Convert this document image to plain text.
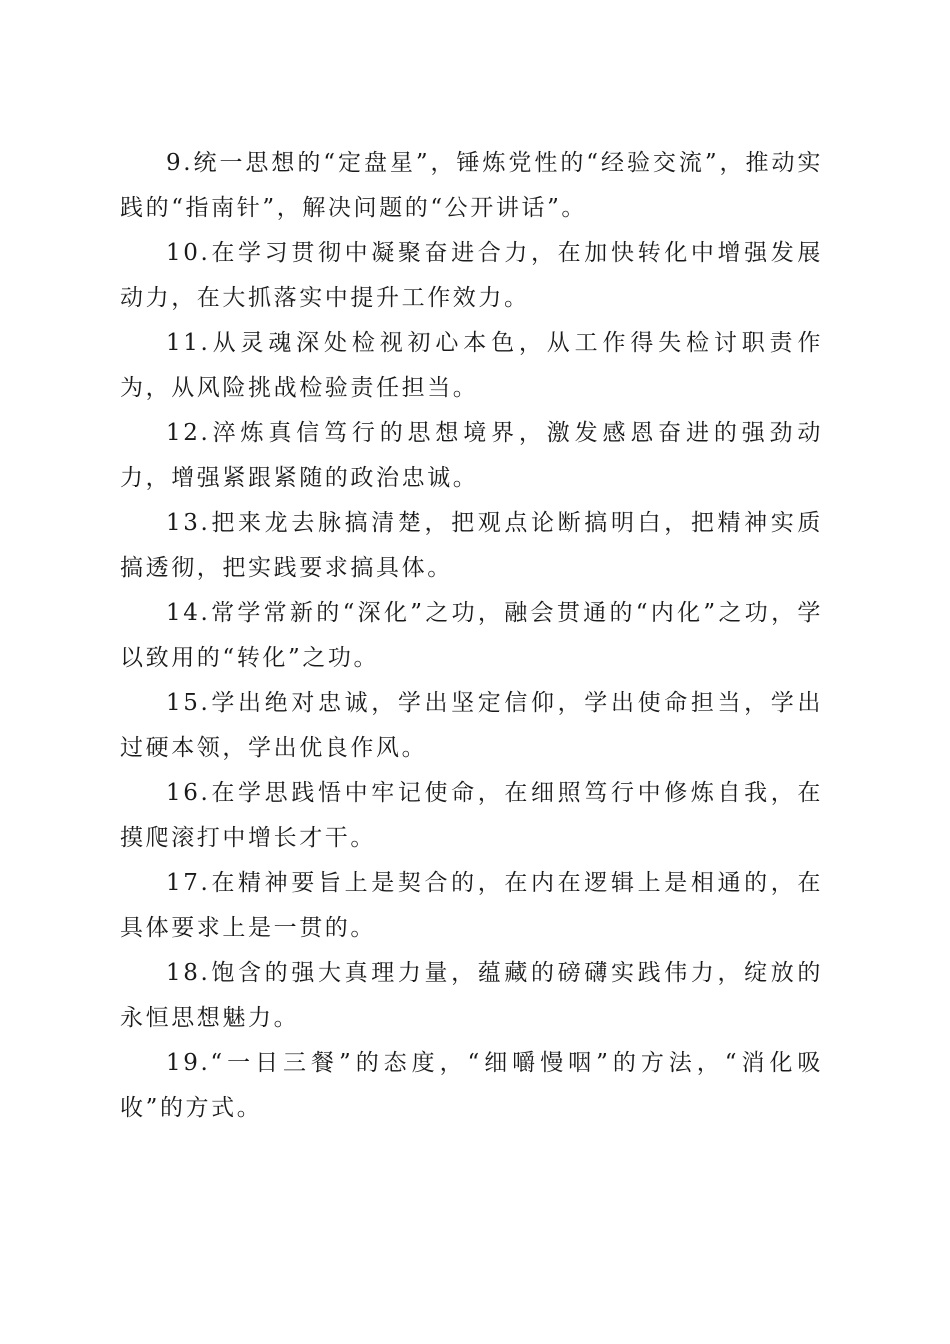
9.统一思想的“定盘星”，锤炼党性的“经验交流”，推动实践的“指南针”，解决问题的“公开讲话”。

10.在学习贯彻中凝聚奋进合力，在加快转化中增强发展动力，在大抓落实中提升工作效力。

11.从灵魂深处检视初心本色，从工作得失检讨职责作为，从风险挑战检验责任担当。

12.淬炼真信笃行的思想境界，激发感恩奋进的强劲动力，增强紧跟紧随的政治忠诚。

13.把来龙去脉搞清楚，把观点论断搞明白，把精神实质搞透彻，把实践要求搞具体。

14.常学常新的“深化”之功，融会贯通的“内化”之功，学以致用的“转化”之功。

15.学出绝对忠诚，学出坚定信仰，学出使命担当，学出过硬本领，学出优良作风。

16.在学思践悟中牢记使命，在细照笃行中修炼自我，在摸爬滚打中增长才干。

17.在精神要旨上是契合的，在内在逻辑上是相通的，在具体要求上是一贯的。

18.饱含的强大真理力量，蕴藏的磅礴实践伟力，绽放的永恒思想魅力。

19.“一日三餐”的态度，“细嚼慢咽”的方法，“消化吸收”的方式。
